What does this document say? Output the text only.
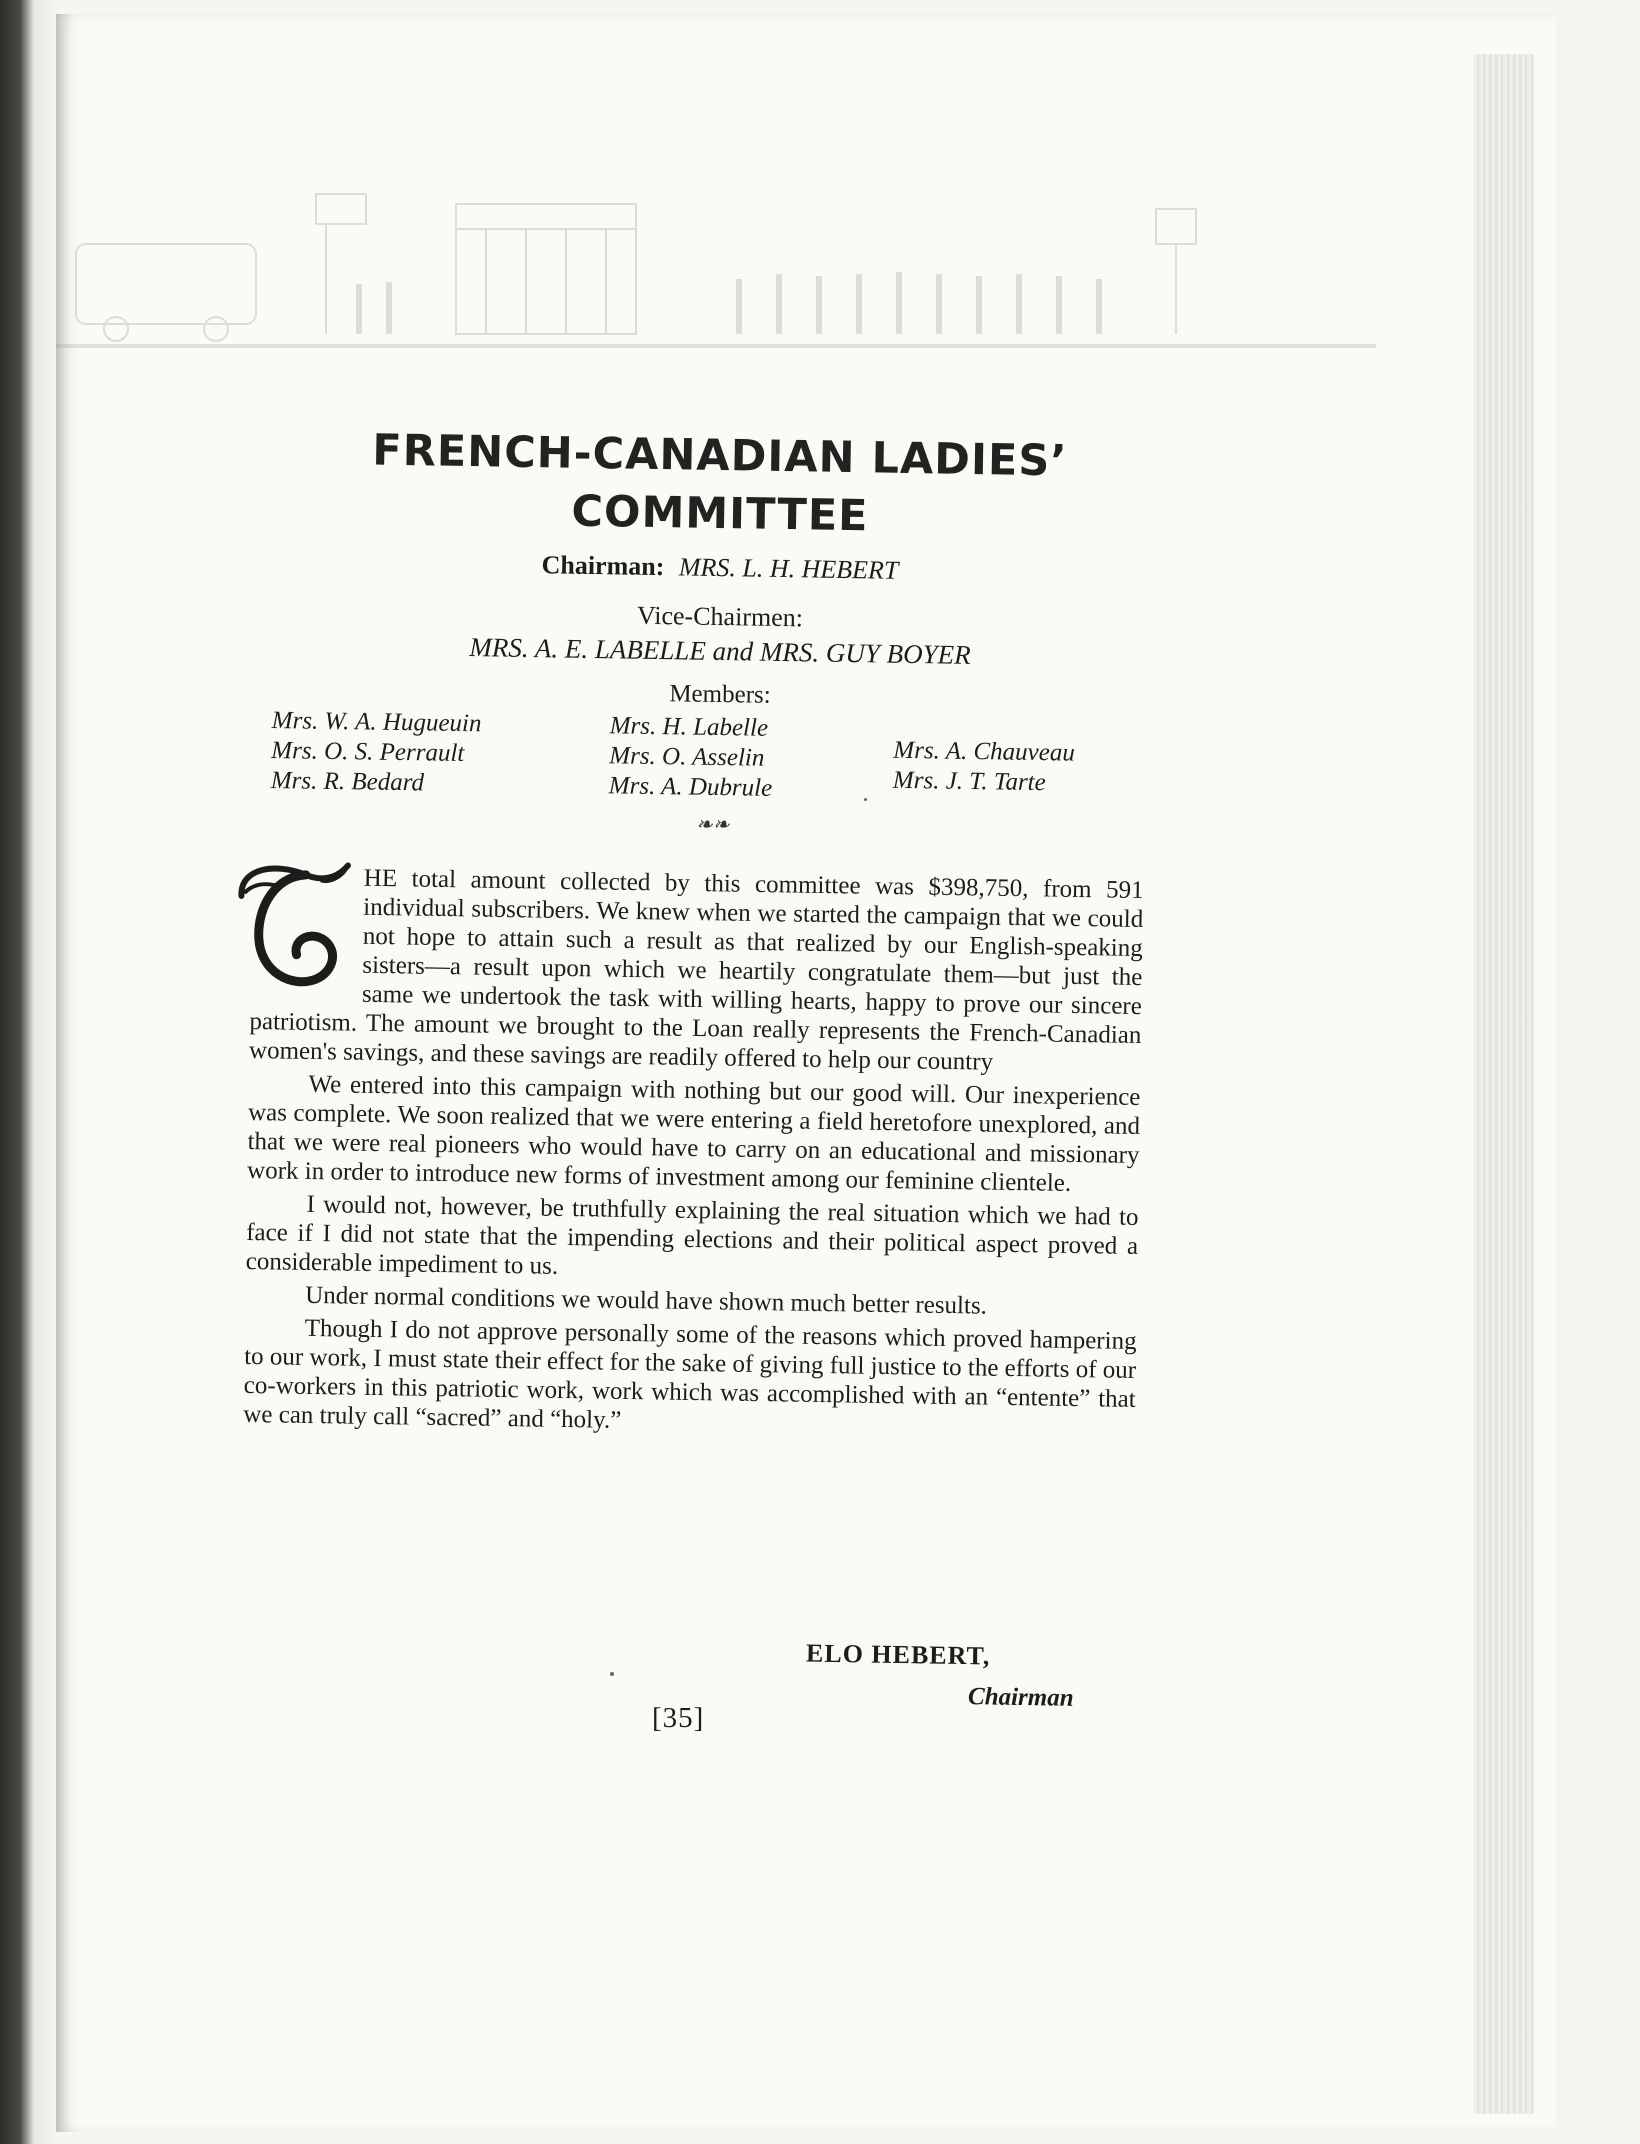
FRENCH-CANADIAN LADIES’
COMMITTEE
Chairman: MRS. L. H. HEBERT
Vice-Chairmen:
MRS. A. E. LABELLE and MRS. GUY BOYER
Members:
Mrs. W. A. Hugueuin
Mrs. O. S. Perrault
Mrs. R. Bedard
Mrs. H. Labelle
Mrs. O. Asselin
Mrs. A. Dubrule
Mrs. A. Chauveau
Mrs. J. T. Tarte
❧❧

HE total amount collected by this committee was $398,750, from 591 individual subscribers. We knew when we started the campaign that we could not hope to attain such a result as that realized by our English-speaking sisters—a result upon which we heartily congratulate them—but just the same we undertook the task with willing hearts, happy to prove our sincere patriotism. The amount we brought to the Loan really represents the French-Canadian women's savings, and these savings are readily offered to help our country

We entered into this campaign with nothing but our good will. Our inexperience was complete. We soon realized that we were entering a field heretofore unexplored, and that we were real pioneers who would have to carry on an educational and missionary work in order to introduce new forms of investment among our feminine clientele.

I would not, however, be truthfully explaining the real situation which we had to face if I did not state that the impending elections and their political aspect proved a considerable impediment to us.

Under normal conditions we would have shown much better results.

Though I do not approve personally some of the reasons which proved hampering to our work, I must state their effect for the sake of giving full justice to the efforts of our co-workers in this patriotic work, work which was accomplished with an “entente” that we can truly call “sacred” and “holy.”

ELO HEBERT,
Chairman
[35]
